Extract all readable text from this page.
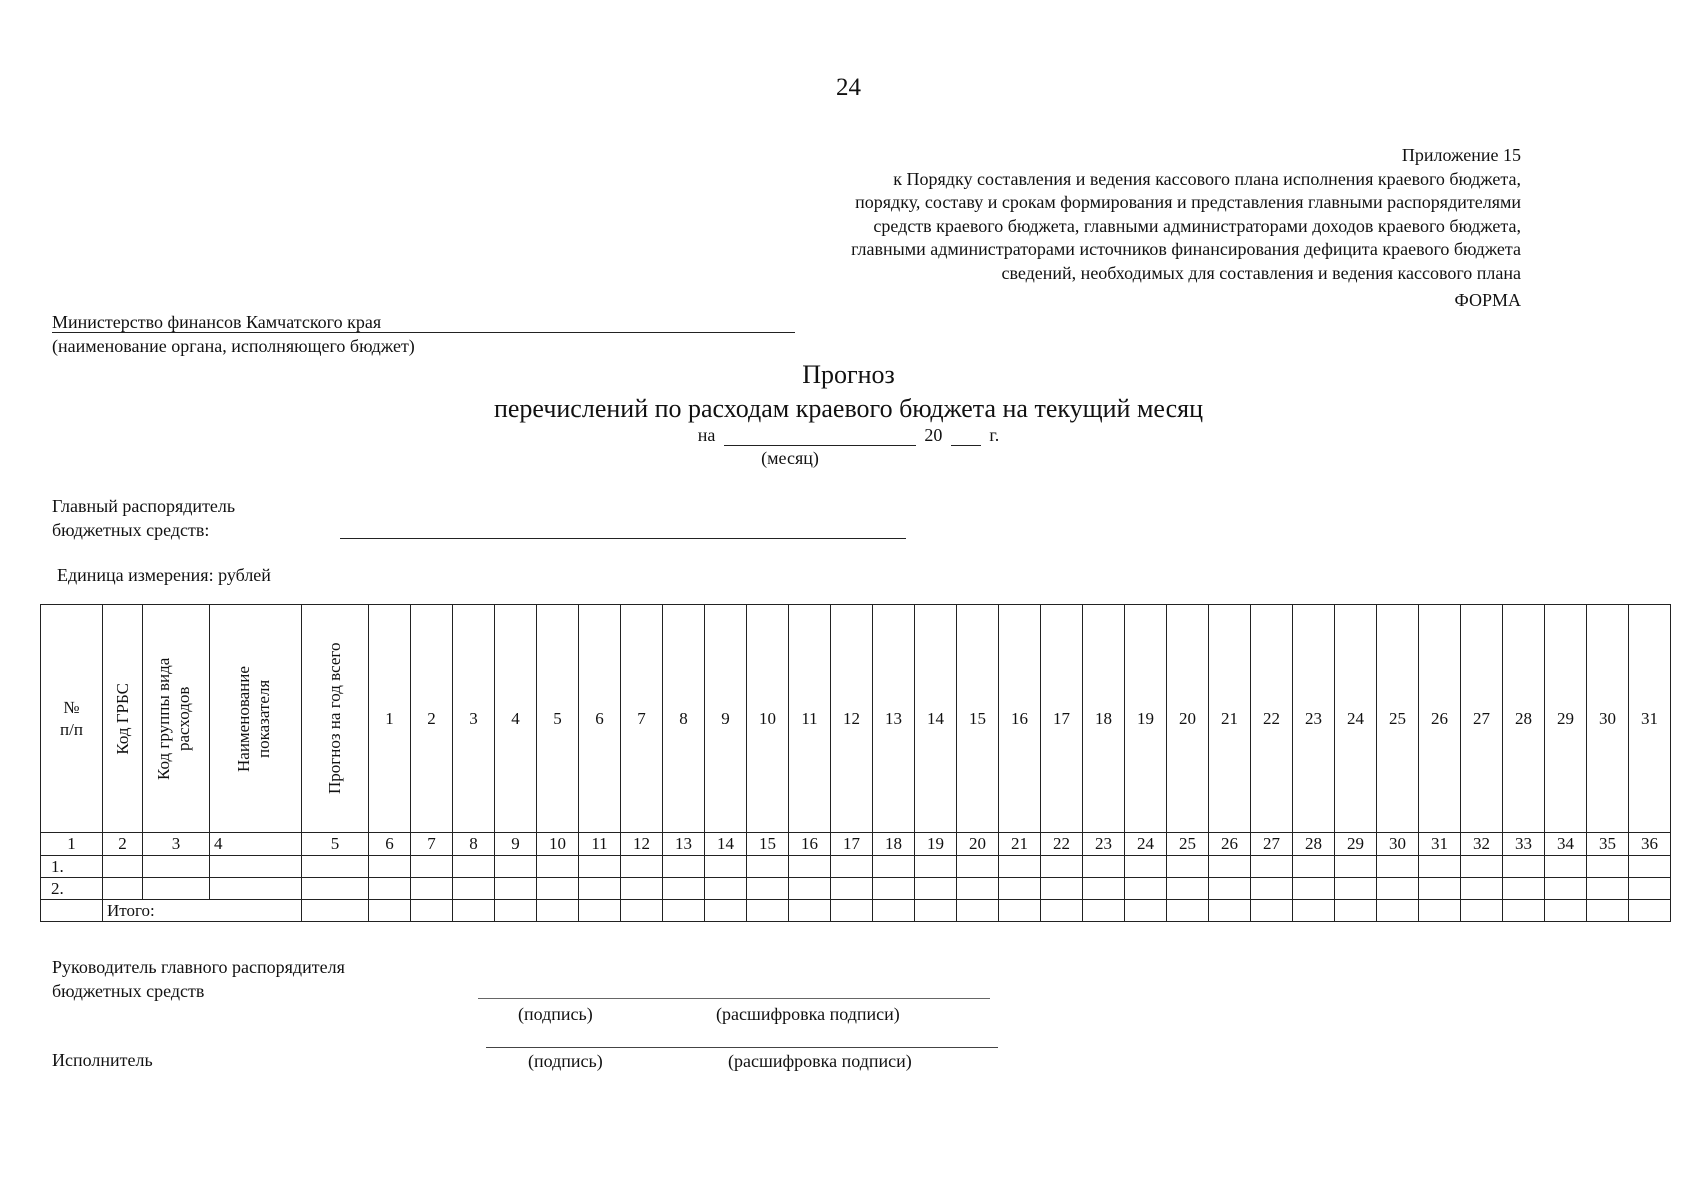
24
Приложение 15
к Порядку составления и ведения кассового плана исполнения краевого бюджета,
порядку, составу и срокам формирования и представления главными распорядителями
средств краевого бюджета, главными администраторами доходов краевого бюджета,
главными администраторами источников финансирования дефицита краевого бюджета
сведений, необходимых для составления и ведения кассового плана
ФОРМА
Министерство финансов Камчатского края
(наименование органа, исполняющего бюджет)
Прогноз
перечислений по расходам краевого бюджета на текущий месяц
на	20	г.
(месяц)
Главный распорядитель
бюджетных средств:
Единица измерения: рублей
№ п/п	Код ГРБС	Код группы вида расходов	Наименование показателя	Прогноз на год всего	1	2	3	4	5	6	7	8	9	10	11	12	13	14	15	16	17	18	19	20	21	22	23	24	25	26	27	28	29	30	31
1	2	3	4	5	6	7	8	9	10	11	12	13	14	15	16	17	18	19	20	21	22	23	24	25	26	27	28	29	30	31	32	33	34	35	36
1.																																			
2.																																			
	Итого:																																		
Руководитель главного распорядителя
бюджетных средств
(подпись)	(расшифровка подписи)
Исполнитель	(подпись)	(расшифровка подписи)
